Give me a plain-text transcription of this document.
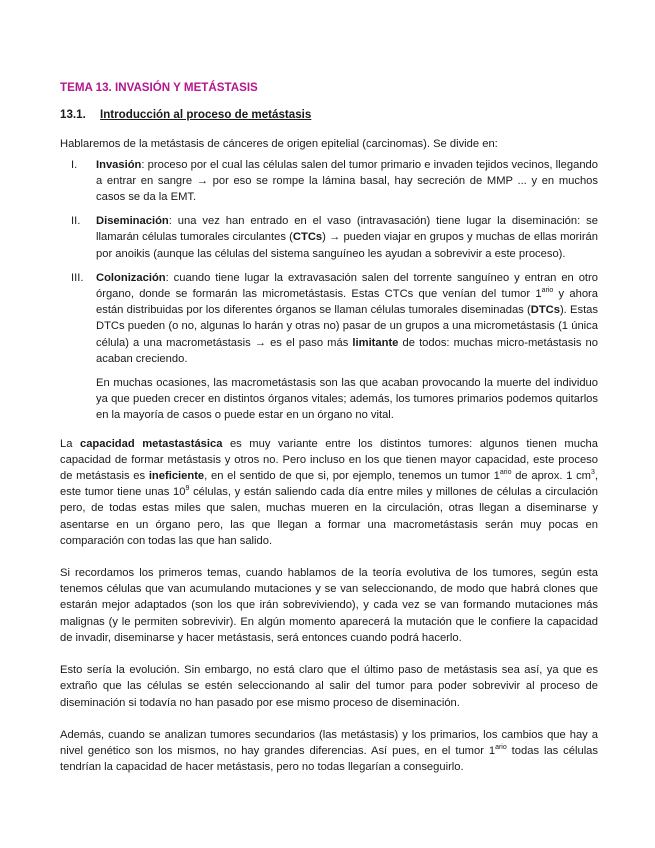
TEMA 13. INVASIÓN Y METÁSTASIS
13.1. Introducción al proceso de metástasis

Hablaremos de la metástasis de cánceres de origen epitelial (carcinomas). Se divide en:

I.	Invasión: proceso por el cual las células salen del tumor primario e invaden tejidos vecinos, llegando a entrar en sangre → por eso se rompe la lámina basal, hay secreción de MMP ... y en muchos casos se da la EMT.
II.	Diseminación: una vez han entrado en el vaso (intravasación) tiene lugar la diseminación: se llamarán células tumorales circulantes (CTCs) → pueden viajar en grupos y muchas de ellas morirán por anoikis (aunque las células del sistema sanguíneo les ayudan a sobrevivir a este proceso).
III.	Colonización: cuando tiene lugar la extravasación salen del torrente sanguíneo y entran en otro órgano, donde se formarán las micrometástasis. Estas CTCs que venían del tumor $1^{ario}$ y ahora están distribuidas por los diferentes órganos se llaman células tumorales diseminadas (DTCs). Estas DTCs pueden (o no, algunas lo harán y otras no) pasar de un grupos a una micrometástasis (1 única célula) a una macrometástasis → es el paso más limitante de todos: muchas micro-metástasis no acaban creciendo.

En muchas ocasiones, las macrometástasis son las que acaban provocando la muerte del individuo ya que pueden crecer en distintos órganos vitales; además, los tumores primarios podemos quitarlos en la mayoría de casos o puede estar en un órgano no vital.

La capacidad metastastásica es muy variante entre los distintos tumores: algunos tienen mucha capacidad de formar metástasis y otros no. Pero incluso en los que tienen mayor capacidad, este proceso de metástasis es ineficiente, en el sentido de que si, por ejemplo, tenemos un tumor $1^{ario}$ de aprox. 1 $cm^3$, este tumor tiene unas $10^9$ células, y están saliendo cada día entre miles y millones de células a circulación pero, de todas estas miles que salen, muchas mueren en la circulación, otras llegan a diseminarse y asentarse en un órgano pero, las que llegan a formar una macrometástasis serán muy pocas en comparación con todas las que han salido.

Si recordamos los primeros temas, cuando hablamos de la teoría evolutiva de los tumores, según esta tenemos células que van acumulando mutaciones y se van seleccionando, de modo que habrá clones que estarán mejor adaptados (son los que irán sobreviviendo), y cada vez se van formando mutaciones más malignas (y le permiten sobrevivir). En algún momento aparecerá la mutación que le confiere la capacidad de invadir, diseminarse y hacer metástasis, será entonces cuando podrá hacerlo.

Esto sería la evolución. Sin embargo, no está claro que el último paso de metástasis sea así, ya que es extraño que las células se estén seleccionando al salir del tumor para poder sobrevivir al proceso de diseminación si todavía no han pasado por ese mismo proceso de diseminación.

Además, cuando se analizan tumores secundarios (las metástasis) y los primarios, los cambios que hay a nivel genético son los mismos, no hay grandes diferencias. Así pues, en el tumor $1^{ario}$ todas las células tendrían la capacidad de hacer metástasis, pero no todas llegarían a conseguirlo.
